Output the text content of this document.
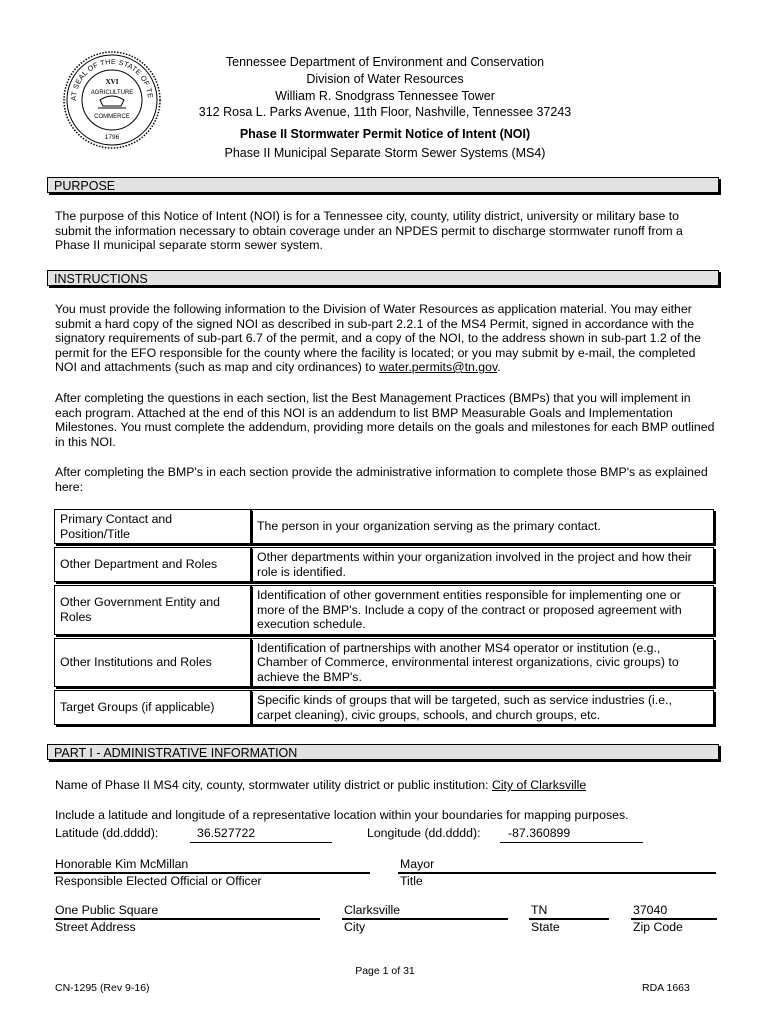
AT SEAL OF THE STATE OF TE
XVI
AGRICULTURE
COMMERCE
1796
Tennessee Department of Environment and Conservation
Division of Water Resources
William R. Snodgrass Tennessee Tower
312 Rosa L. Parks Avenue, 11th Floor, Nashville, Tennessee 37243
Phase II Stormwater Permit Notice of Intent (NOI)
Phase II Municipal Separate Storm Sewer Systems (MS4)
PURPOSE
The purpose of this Notice of Intent (NOI) is for a Tennessee city, county, utility district, university or military base to submit the information necessary to obtain coverage under an NPDES permit to discharge stormwater runoff from a Phase II municipal separate storm sewer system.
INSTRUCTIONS
You must provide the following information to the Division of Water Resources as application material. You may either submit a hard copy of the signed NOI as described in sub-part 2.2.1 of the MS4 Permit, signed in accordance with the signatory requirements of sub-part 6.7 of the permit, and a copy of the NOI, to the address shown in sub-part 1.2 of the permit for the EFO responsible for the county where the facility is located; or you may submit by e-mail, the completed NOI and attachments (such as map and city ordinances) to water.permits@tn.gov.
After completing the questions in each section, list the Best Management Practices (BMPs) that you will implement in each program. Attached at the end of this NOI is an addendum to list BMP Measurable Goals and Implementation Milestones. You must complete the addendum, providing more details on the goals and milestones for each BMP outlined in this NOI.
After completing the BMP's in each section provide the administrative information to complete those BMP's as explained here:
Primary Contact and Position/Title	The person in your organization serving as the primary contact.
Other Department and Roles	Other departments within your organization involved in the project and how their role is identified.
Other Government Entity and Roles	Identification of other government entities responsible for implementing one or more of the BMP's. Include a copy of the contract or proposed agreement with execution schedule.
Other Institutions and Roles	Identification of partnerships with another MS4 operator or institution (e.g., Chamber of Commerce, environmental interest organizations, civic groups) to achieve the BMP's.
Target Groups (if applicable)	Specific kinds of groups that will be targeted, such as service industries (i.e., carpet cleaning), civic groups, schools, and church groups, etc.
PART I - ADMINISTRATIVE INFORMATION
Name of Phase II MS4 city, county, stormwater utility district or public institution: City of Clarksville
Include a latitude and longitude of a representative location within your boundaries for mapping purposes.
Latitude (dd.dddd):	36.527722	Longitude (dd.dddd): -87.360899
Honorable Kim McMillan
Responsible Elected Official or Officer
Mayor
Title
One Public Square
Street Address
Clarksville
City
TN
State
37040
Zip Code
Page 1 of 31
CN-1295 (Rev 9-16)	RDA 1663
